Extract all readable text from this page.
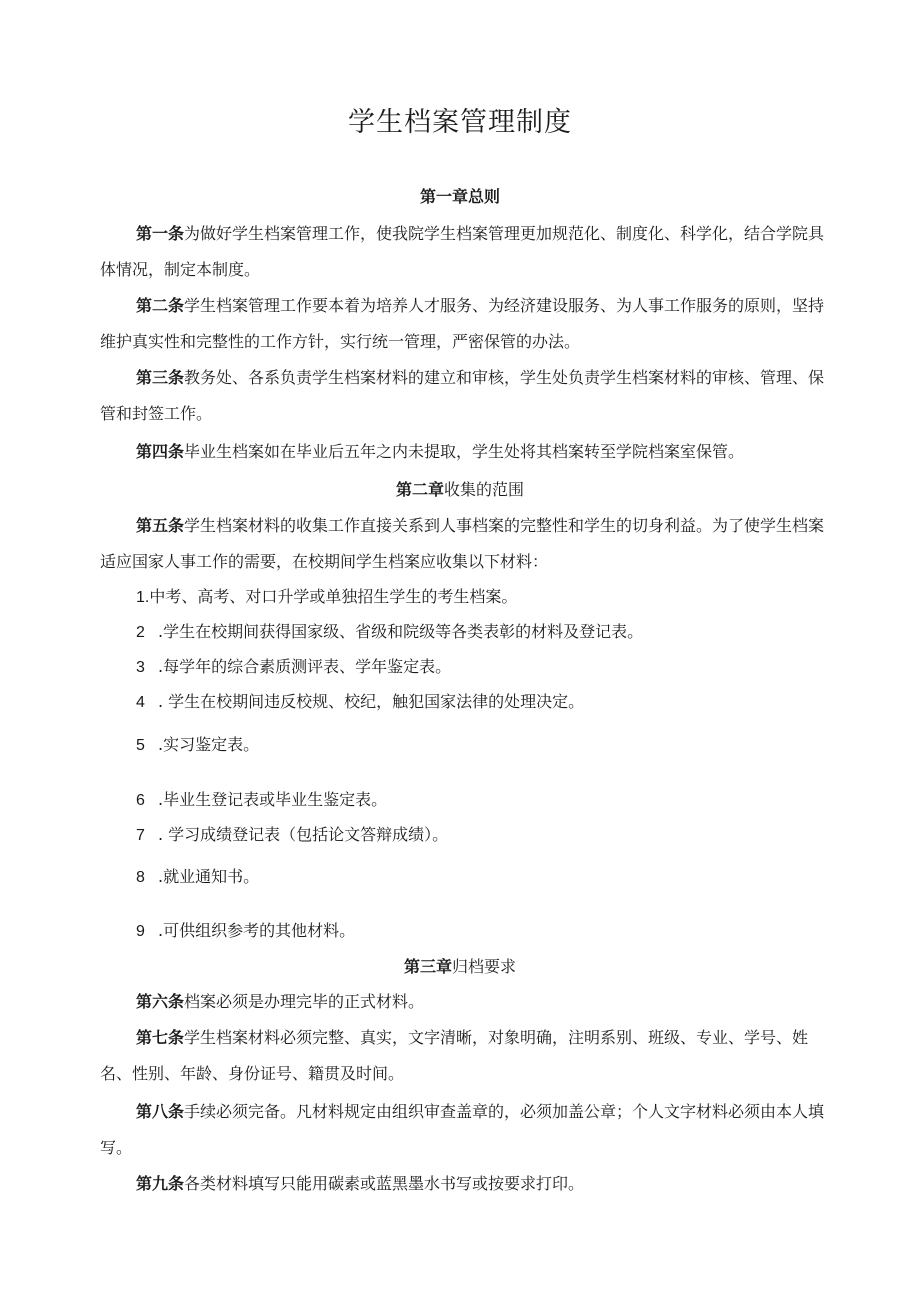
学生档案管理制度
第一章总则
第一条为做好学生档案管理工作，使我院学生档案管理更加规范化、制度化、科学化，结合学院具体情况，制定本制度。
第二条学生档案管理工作要本着为培养人才服务、为经济建设服务、为人事工作服务的原则，坚持维护真实性和完整性的工作方针，实行统一管理，严密保管的办法。
第三条教务处、各系负责学生档案材料的建立和审核，学生处负责学生档案材料的审核、管理、保管和封签工作。
第四条毕业生档案如在毕业后五年之内未提取，学生处将其档案转至学院档案室保管。
第二章收集的范围
第五条学生档案材料的收集工作直接关系到人事档案的完整性和学生的切身利益。为了使学生档案适应国家人事工作的需要，在校期间学生档案应收集以下材料：
1.中考、高考、对口升学或单独招生学生的考生档案。
2 .学生在校期间获得国家级、省级和院级等各类表彰的材料及登记表。
3 .每学年的综合素质测评表、学年鉴定表。
4 . 学生在校期间违反校规、校纪，触犯国家法律的处理决定。
5 .实习鉴定表。
6 .毕业生登记表或毕业生鉴定表。
7 . 学习成绩登记表（包括论文答辩成绩）。
8 .就业通知书。
9 .可供组织参考的其他材料。
第三章归档要求
第六条档案必须是办理完毕的正式材料。
第七条学生档案材料必须完整、真实，文字清晰，对象明确，注明系别、班级、专业、学号、姓名、性别、年龄、身份证号、籍贯及时间。
第八条手续必须完备。凡材料规定由组织审查盖章的，必须加盖公章；个人文字材料必须由本人填写。
第九条各类材料填写只能用碳素或蓝黑墨水书写或按要求打印。
